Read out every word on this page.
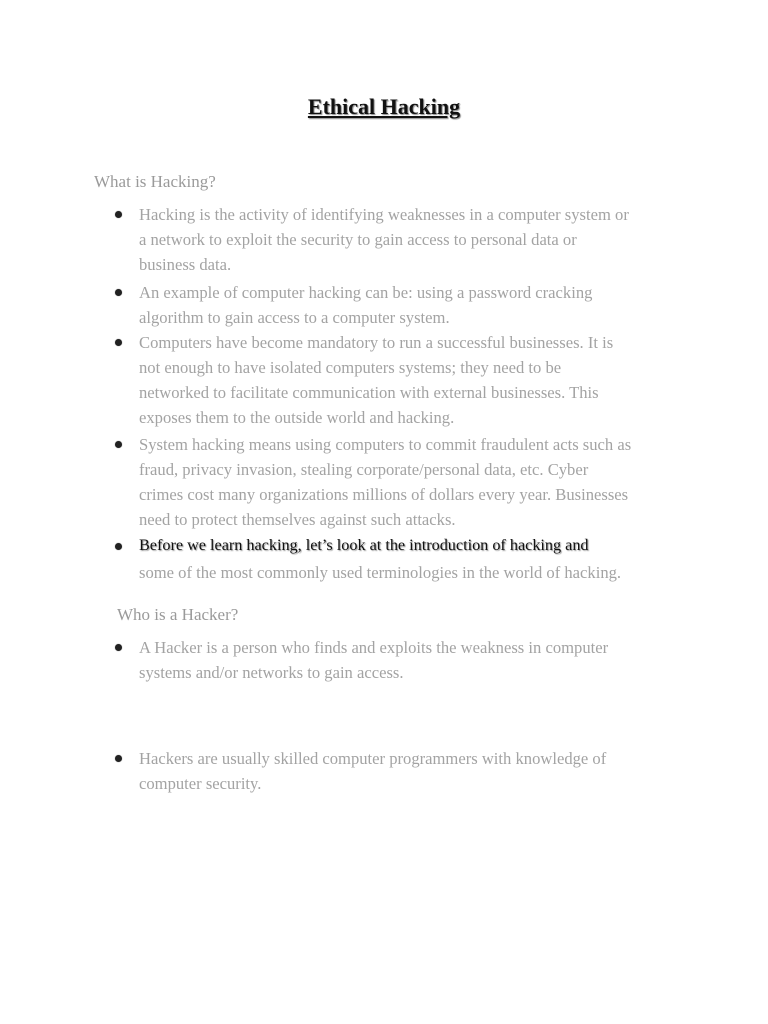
Ethical Hacking
What is Hacking?
Hacking is the activity of identifying weaknesses in a computer system or
a network to exploit the security to gain access to personal data or
business data.
An example of computer hacking can be: using a password cracking
algorithm to gain access to a computer system.
Computers have become mandatory to run a successful businesses. It is
not enough to have isolated computers systems; they need to be
networked to facilitate communication with external businesses. This
exposes them to the outside world and hacking.
System hacking means using computers to commit fraudulent acts such as
fraud, privacy invasion, stealing corporate/personal data, etc. Cyber
crimes cost many organizations millions of dollars every year. Businesses
need to protect themselves against such attacks.
Before we learn hacking, let’s look at the introduction of hacking and
some of the most commonly used terminologies in the world of hacking.
Who is a Hacker?
A Hacker is a person who finds and exploits the weakness in computer
systems and/or networks to gain access.
Hackers are usually skilled computer programmers with knowledge of
computer security.
